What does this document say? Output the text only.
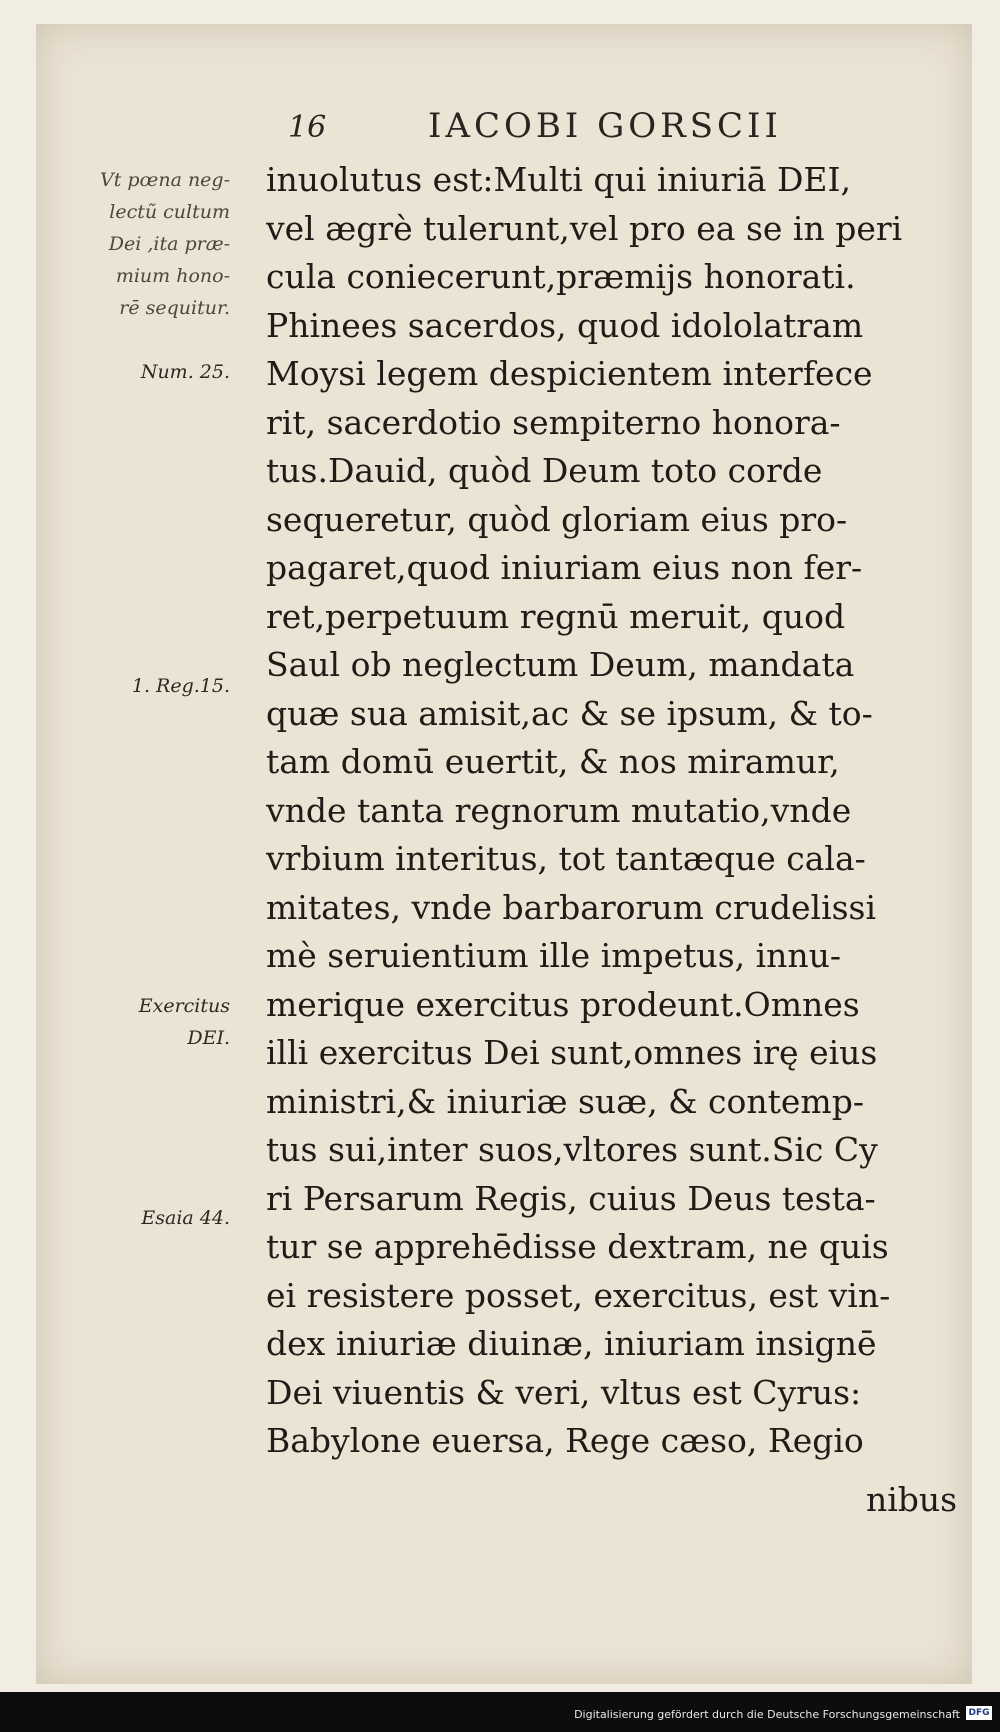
16	IACOBI GORSCII
Vt pœna neg-
lectũ cultum
Dei ,ita præ-
mium hono-
rē sequitur.
Num. 25.
1. Reg.15.
Exercitus
DEI.
Esaia 44.
inuolutus est:Multi qui iniuriā DEI,
vel ægrè tulerunt,vel pro ea se in peri
cula coniecerunt,præmijs honorati.
Phinees sacerdos, quod idololatram
Moysi legem despicientem interfece
rit, sacerdotio sempiterno honora-
tus.Dauid, quòd Deum toto corde
sequeretur, quòd gloriam eius pro-
pagaret,quod iniuriam eius non fer-
ret,perpetuum regnū meruit, quod
Saul ob neglectum Deum, mandata
quæ sua amisit,ac & se ipsum, & to-
tam domū euertit, & nos miramur,
vnde tanta regnorum mutatio,vnde
vrbium interitus, tot tantæque cala-
mitates, vnde barbarorum crudelissi
mè seruientium ille impetus, innu-
merique exercitus prodeunt.Omnes
illi exercitus Dei sunt,omnes irę eius
ministri,& iniuriæ suæ, & contemp-
tus sui,inter suos,vltores sunt.Sic Cy
ri Persarum Regis, cuius Deus testa-
tur se apprehēdisse dextram, ne quis
ei resistere posset, exercitus, est vin-
dex iniuriæ diuinæ, iniuriam insignē
Dei viuentis & veri, vltus est Cyrus:
Babylone euersa, Rege cæso, Regio
nibus
Digitalisierung gefördert durch die Deutsche Forschungsgemeinschaft DFG
